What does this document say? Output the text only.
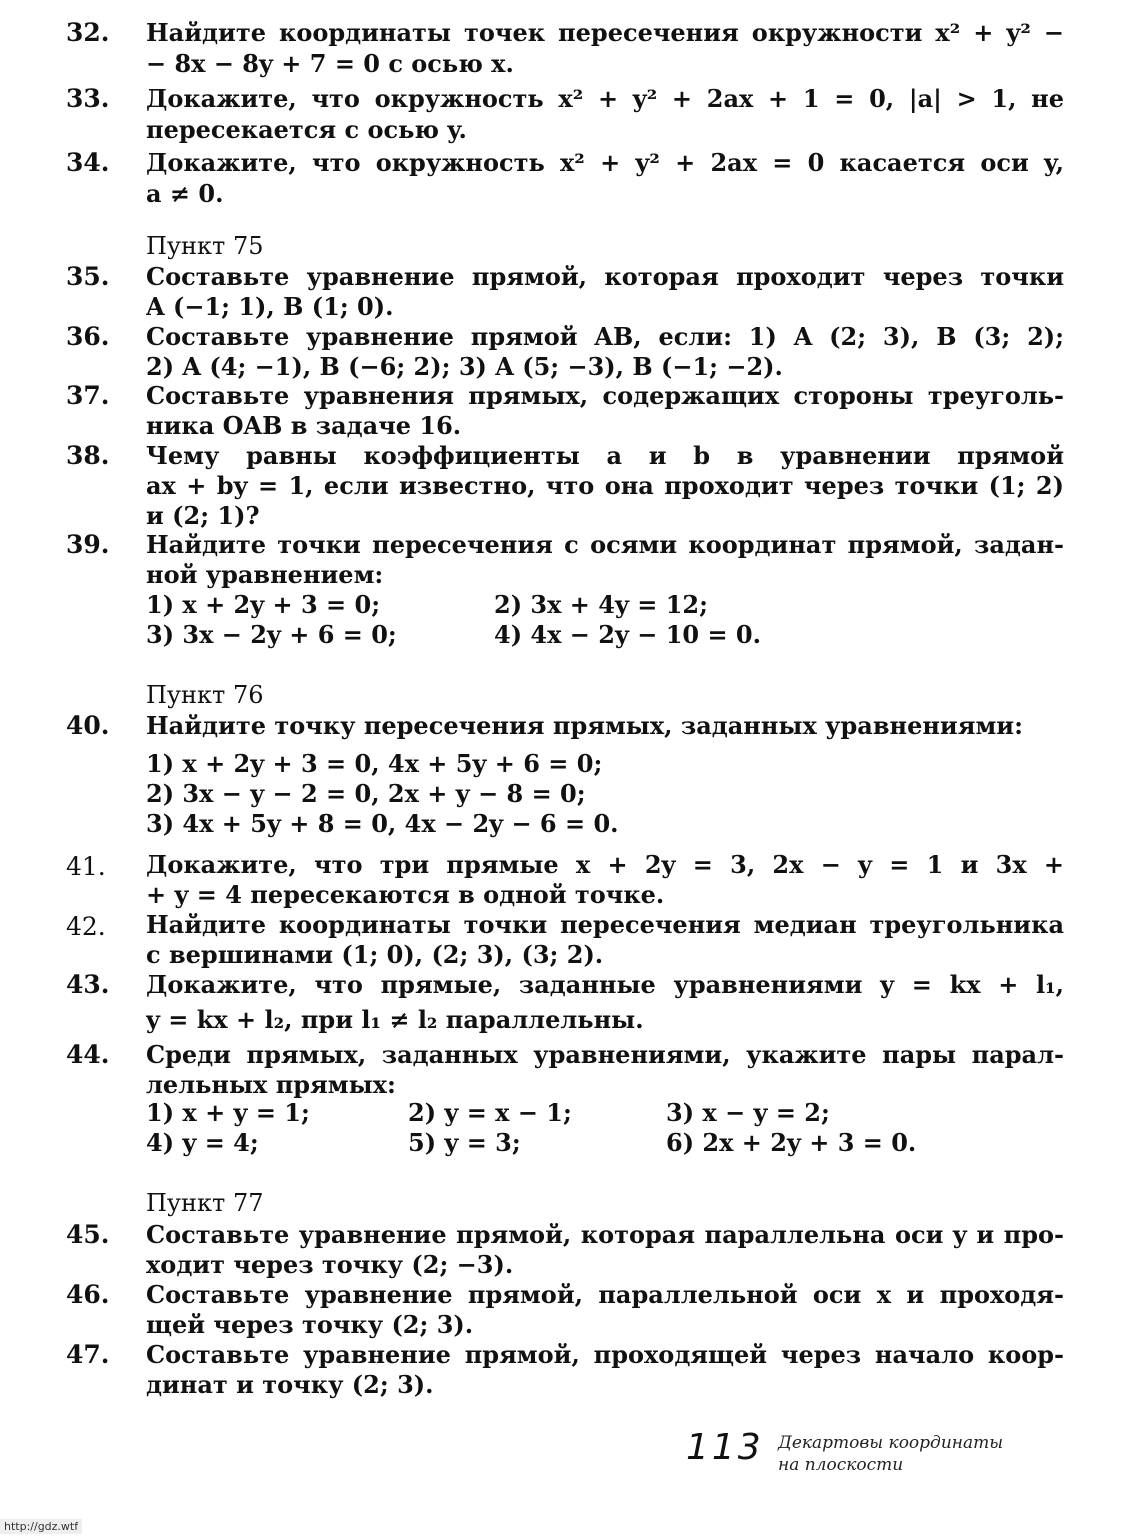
32.	Найдите координаты точек пересечения окружности x² + y² −
− 8x − 8y + 7 = 0 с осью x.
33.	Докажите, что окружность x² + y² + 2ax + 1 = 0, |a| > 1, не
пересекается с осью y.
34.	Докажите, что окружность x² + y² + 2ax = 0 касается оси y,
a ≠ 0.
Пункт 75
35.	Составьте уравнение прямой, которая проходит через точки
A (−1; 1), B (1; 0).
36.	Составьте уравнение прямой AB, если: 1) A (2; 3), B (3; 2);
2) A (4; −1), B (−6; 2); 3) A (5; −3), B (−1; −2).
37.	Составьте уравнения прямых, содержащих стороны треуголь-
ника OAB в задаче 16.
38.	Чему равны коэффициенты a и b в уравнении прямой
ax + by = 1, если известно, что она проходит через точки (1; 2)
и (2; 1)?
39.	Найдите точки пересечения с осями координат прямой, задан-
ной уравнением:
1) x + 2y + 3 = 0;	2) 3x + 4y = 12;
3) 3x − 2y + 6 = 0;	4) 4x − 2y − 10 = 0.
Пункт 76
40.	Найдите точку пересечения прямых, заданных уравнениями:
1) x + 2y + 3 = 0, 4x + 5y + 6 = 0;
2) 3x − y − 2 = 0, 2x + y − 8 = 0;
3) 4x + 5y + 8 = 0, 4x − 2y − 6 = 0.
41.	Докажите, что три прямые x + 2y = 3, 2x − y = 1 и 3x +
+ y = 4 пересекаются в одной точке.
42.	Найдите координаты точки пересечения медиан треугольника
с вершинами (1; 0), (2; 3), (3; 2).
43.	Докажите, что прямые, заданные уравнениями y = kx + l₁,
y = kx + l₂, при l₁ ≠ l₂ параллельны.
44.	Среди прямых, заданных уравнениями, укажите пары парал-
лельных прямых:
1) x + y = 1;	2) y = x − 1;	3) x − y = 2;
4) y = 4;	5) y = 3;	6) 2x + 2y + 3 = 0.
Пункт 77
45.	Составьте уравнение прямой, которая параллельна оси y и про-
ходит через точку (2; −3).
46.	Составьте уравнение прямой, параллельной оси x и проходя-
щей через точку (2; 3).
47.	Составьте уравнение прямой, проходящей через начало коор-
динат и точку (2; 3).
113 Декартовы координаты
на плоскости
http://gdz.wtf
